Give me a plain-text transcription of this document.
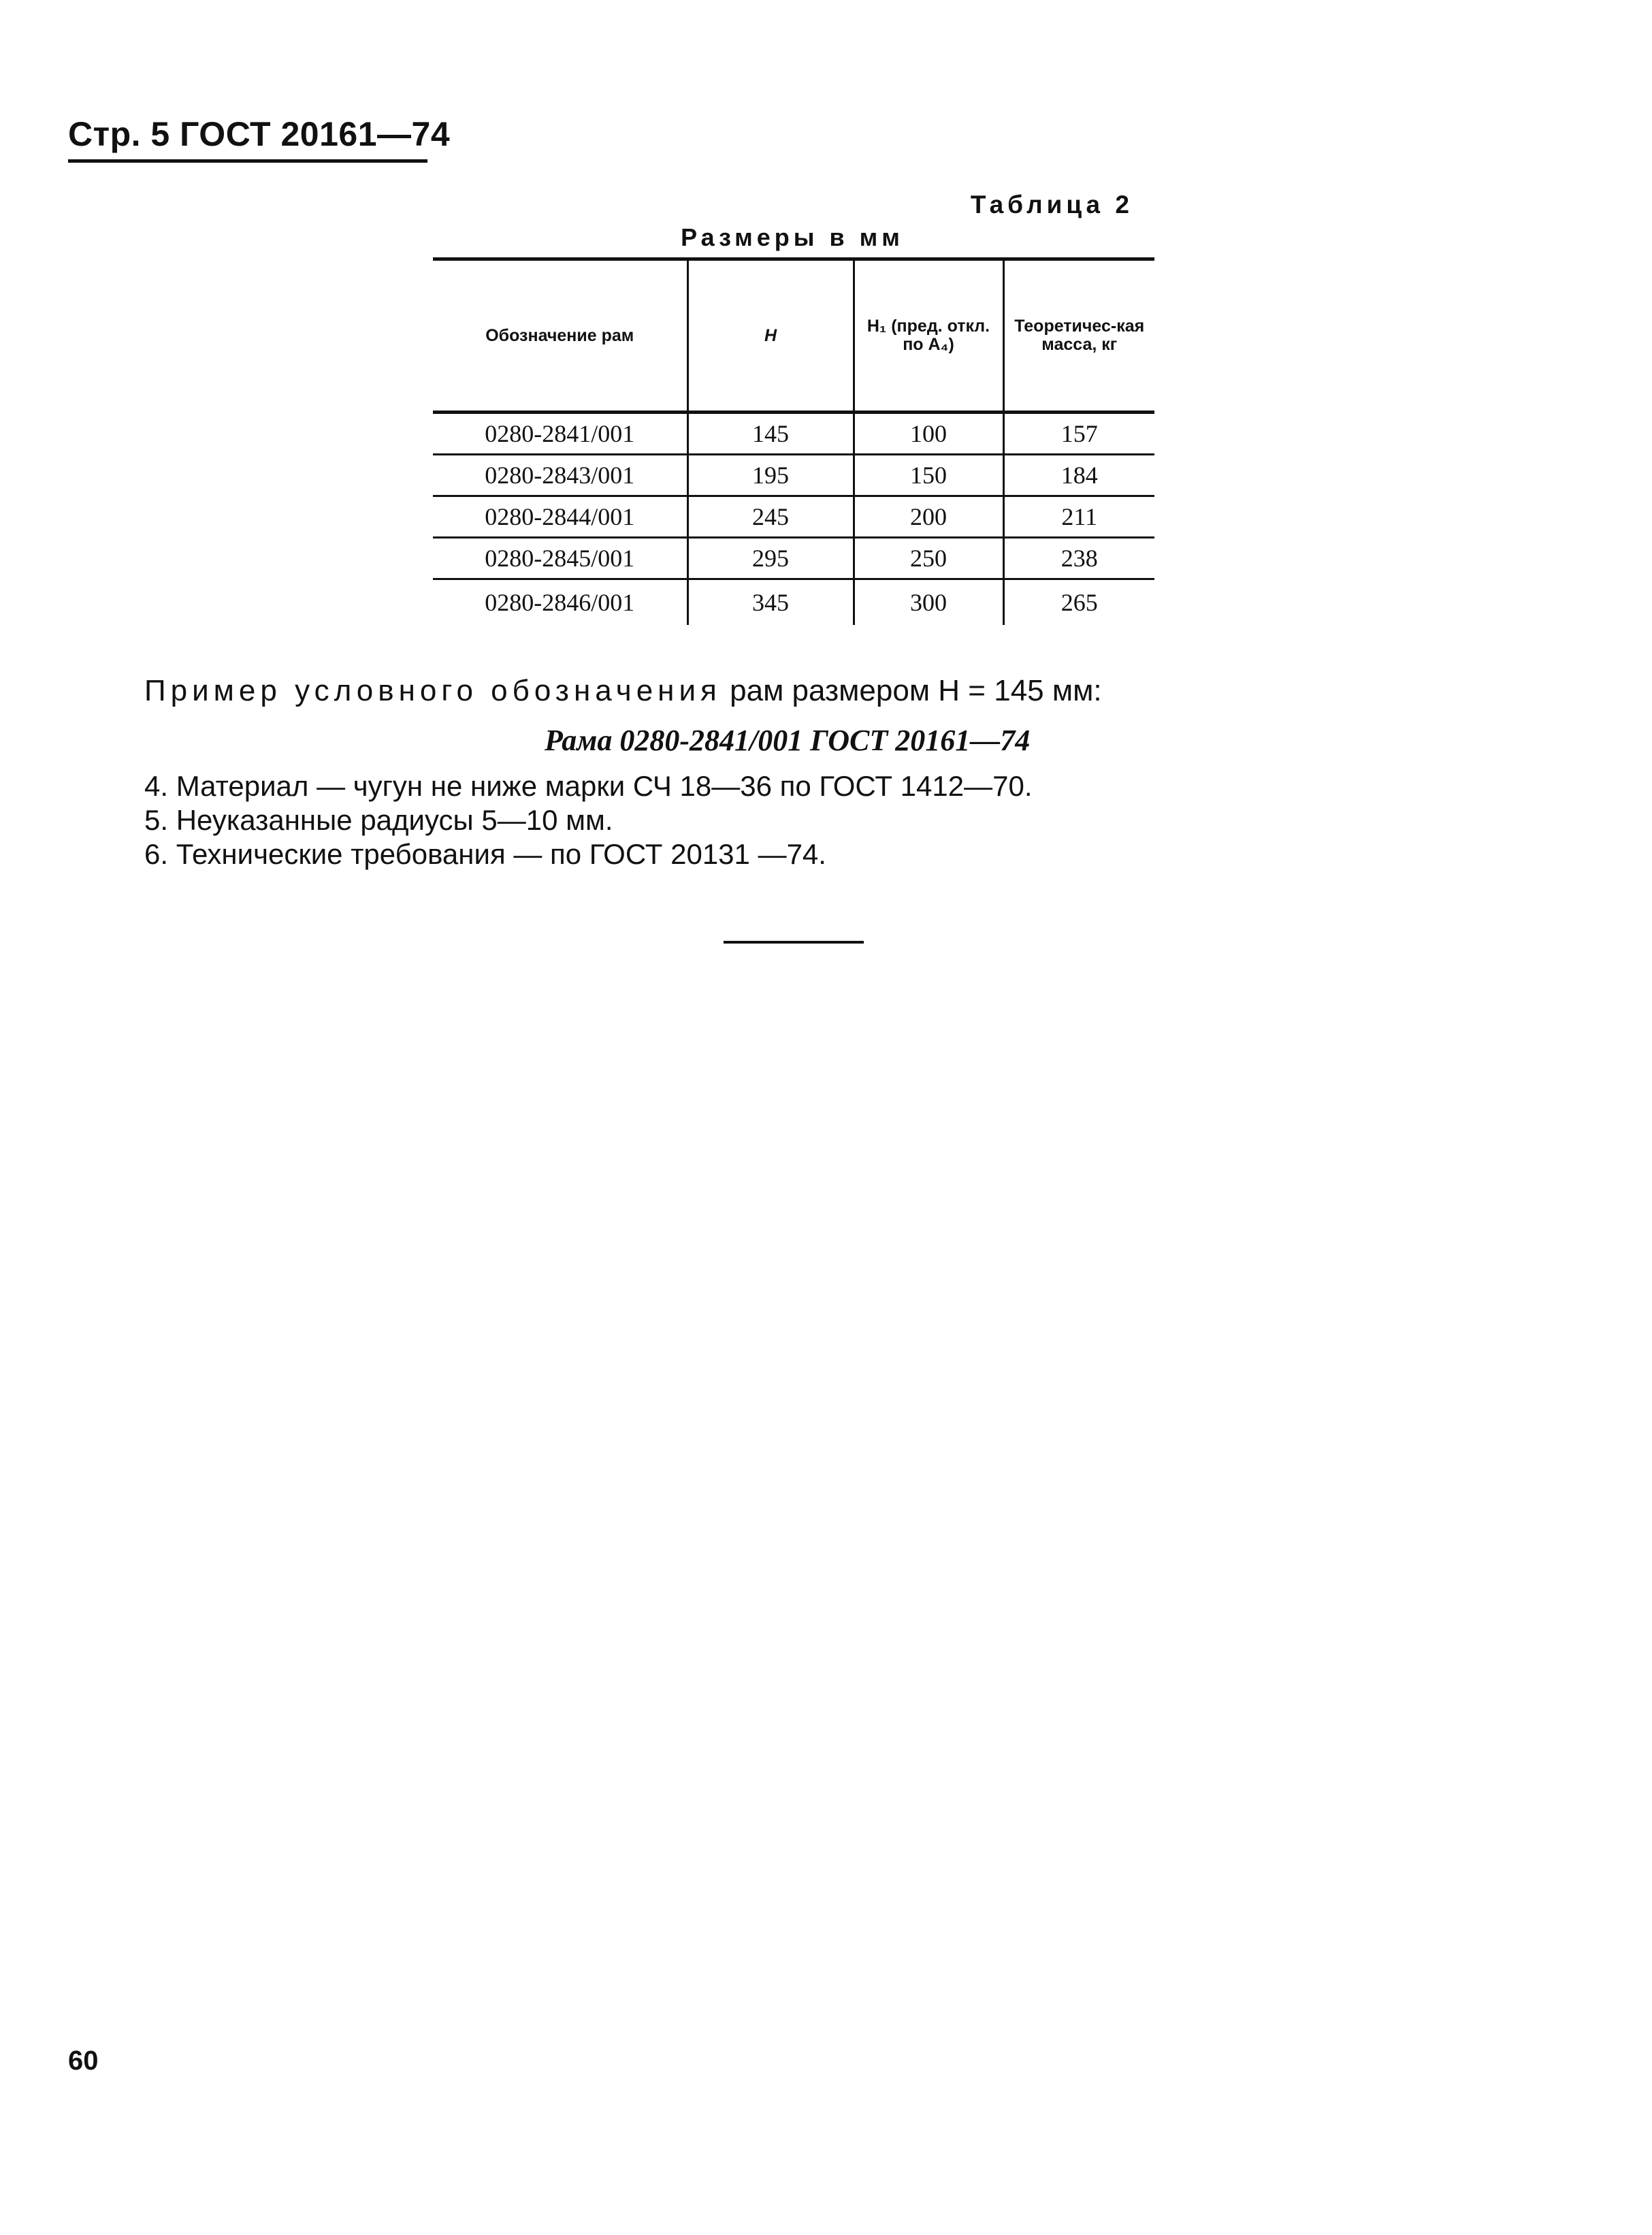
Стр. 5 ГОСТ 20161—74
Таблица 2
Размеры в мм
Обозначение рам	H	H₁ (пред. откл. по A₄)	Теоретичес-кая масса, кг
0280-2841/001	145	100	157
0280-2843/001	195	150	184
0280-2844/001	245	200	211
0280-2845/001	295	250	238
0280-2846/001	345	300	265
Пример условного обозначения рам размером H = 145 мм:
Рама 0280-2841/001 ГОСТ 20161—74
4. Материал — чугун не ниже марки СЧ 18—36 по ГОСТ 1412—70.
5. Неуказанные радиусы 5—10 мм.
6. Технические требования — по ГОСТ 20131 —74.
60
